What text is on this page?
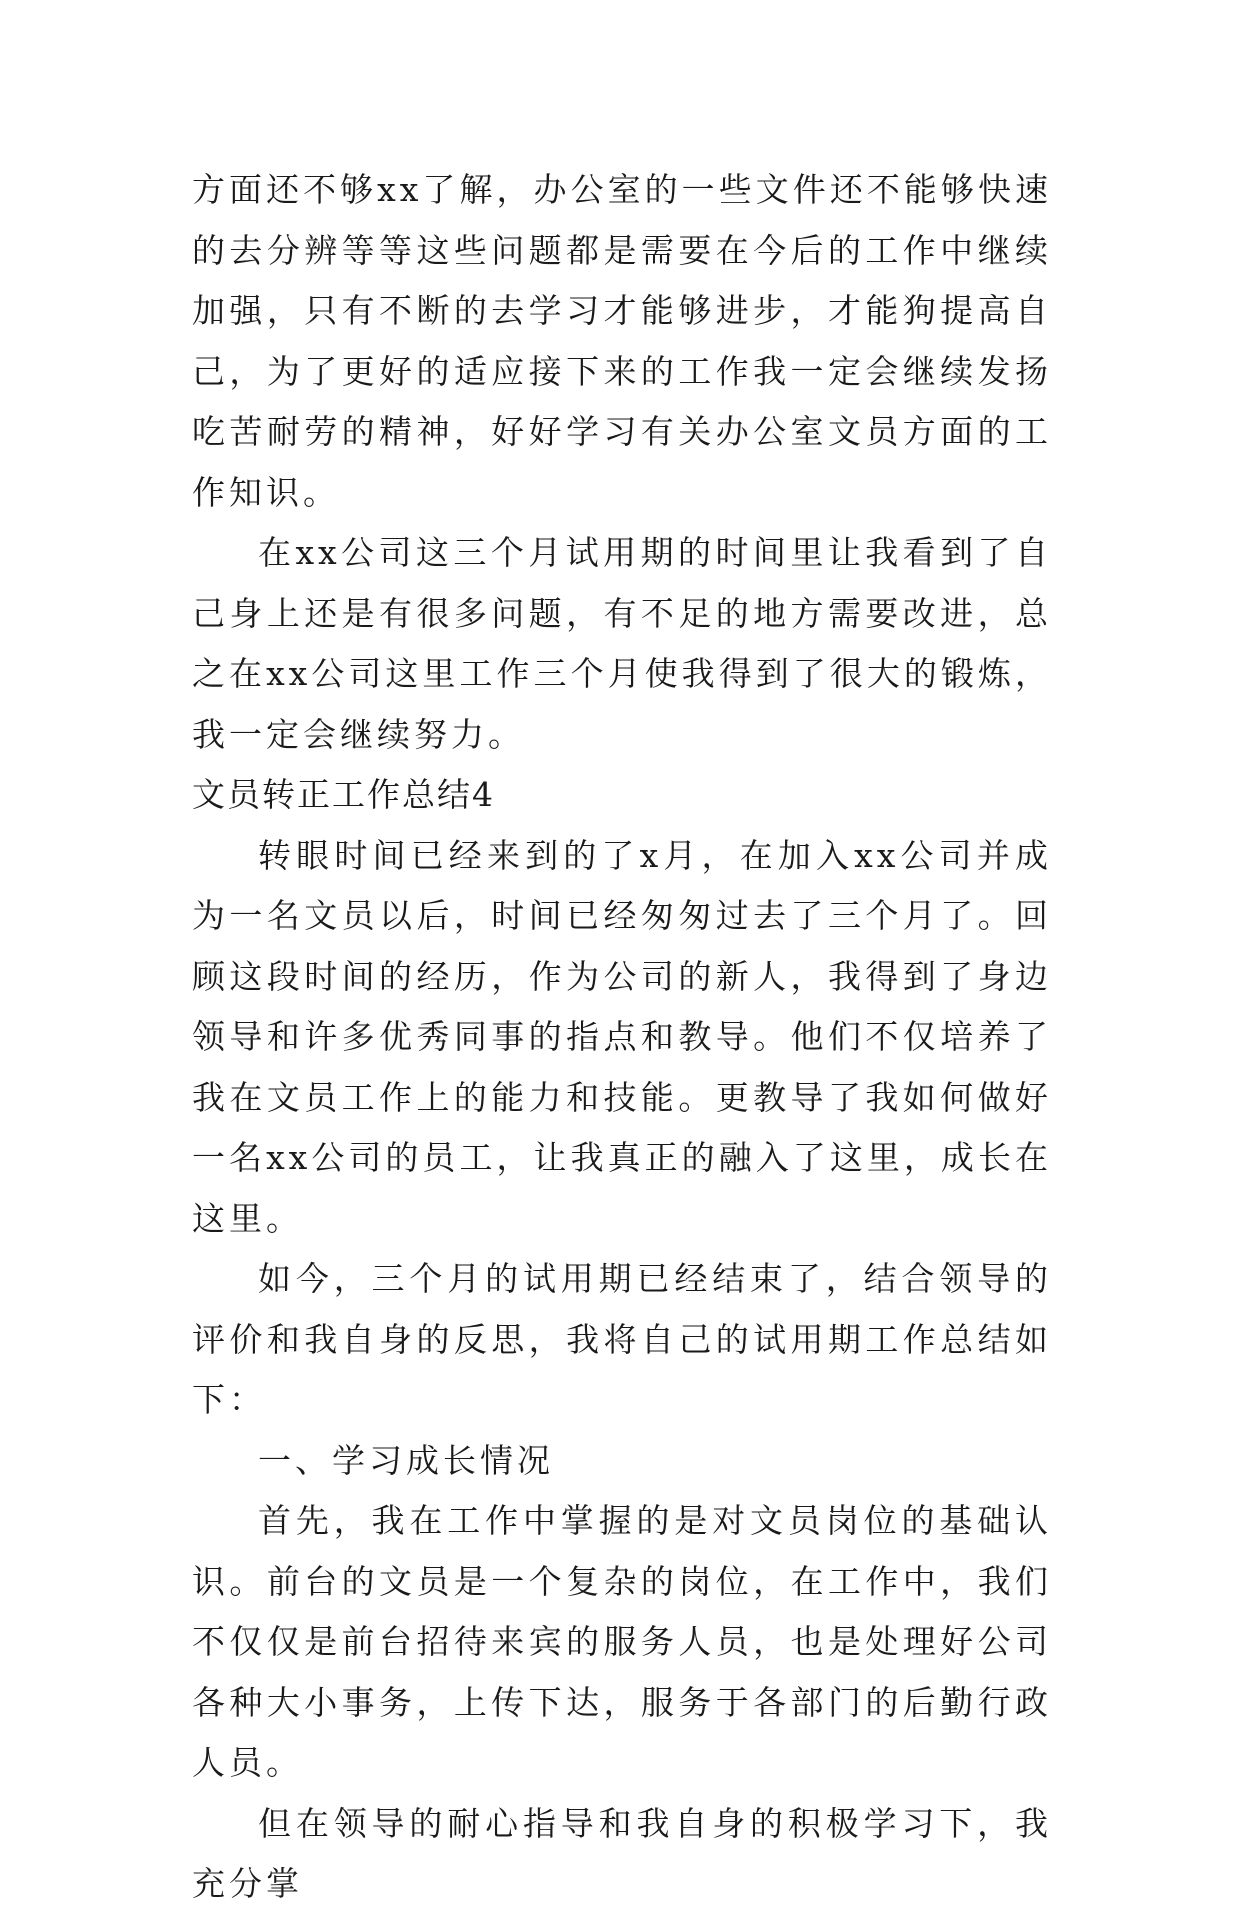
方面还不够xx了解，办公室的一些文件还不能够快速的去分辨等等这些问题都是需要在今后的工作中继续加强，只有不断的去学习才能够进步，才能狗提高自己，为了更好的适应接下来的工作我一定会继续发扬吃苦耐劳的精神，好好学习有关办公室文员方面的工作知识。

在xx公司这三个月试用期的时间里让我看到了自己身上还是有很多问题，有不足的地方需要改进，总之在xx公司这里工作三个月使我得到了很大的锻炼，我一定会继续努力。

文员转正工作总结4

转眼时间已经来到的了x月，在加入xx公司并成为一名文员以后，时间已经匆匆过去了三个月了。回顾这段时间的经历，作为公司的新人，我得到了身边领导和许多优秀同事的指点和教导。他们不仅培养了我在文员工作上的能力和技能。更教导了我如何做好一名xx公司的员工，让我真正的融入了这里，成长在这里。

如今，三个月的试用期已经结束了，结合领导的评价和我自身的反思，我将自己的试用期工作总结如下：

一、学习成长情况

首先，我在工作中掌握的是对文员岗位的基础认识。前台的文员是一个复杂的岗位，在工作中，我们不仅仅是前台招待来宾的服务人员，也是处理好公司各种大小事务，上传下达，服务于各部门的后勤行政人员。

但在领导的耐心指导和我自身的积极学习下，我充分掌
